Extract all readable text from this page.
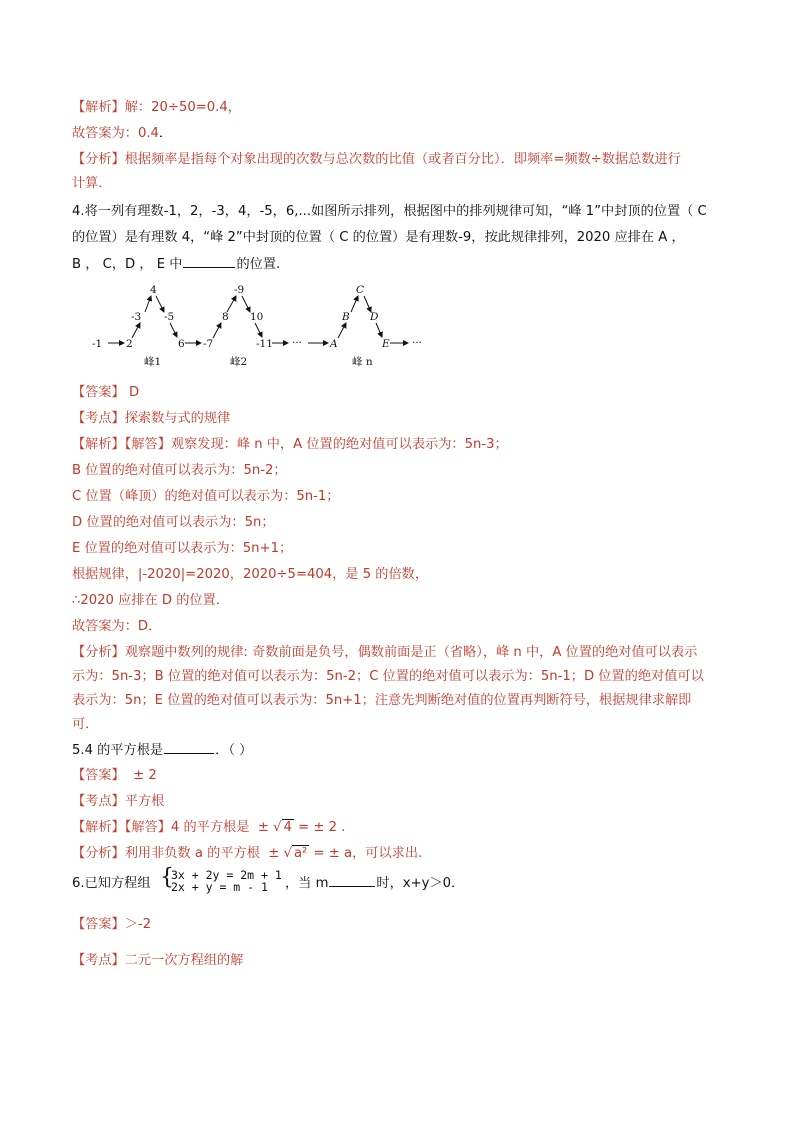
【解析】解：20÷50=0.4，
故答案为：0.4．
【分析】根据频率是指每个对象出现的次数与总次数的比值（或者百分比）．即频率=频数÷数据总数进行
计算．
4.将一列有理数-1，2，-3，4，-5，6,...如图所示排列，根据图中的排列规律可知，“峰 1”中封顶的位置（ C
的位置）是有理数 4，“峰 2”中封顶的位置（ C 的位置）是有理数-9，按此规律排列，2020 应排在 A ，
B ， C，D ， E 中	的位置.
-1 2
-3
4
-5
6 -7
8
-9
10
-11 ···	A
B
C
D
E ···
峰1	峰2	峰 n
【答案】 D
【考点】探索数与式的规律
【解析】【解答】观察发现：峰 n 中，A 位置的绝对值可以表示为：5n-3；
B 位置的绝对值可以表示为：5n-2；
C 位置（峰顶）的绝对值可以表示为：5n-1；
D 位置的绝对值可以表示为：5n；
E 位置的绝对值可以表示为：5n+1；
根据规律，|-2020|=2020，2020÷5=404，是 5 的倍数，
∴2020 应排在 D 的位置．
故答案为：D．
【分析】观察题中数列的规律: 奇数前面是负号，偶数前面是正（省略），峰 n 中，A 位置的绝对值可以表示
示为：5n-3；B 位置的绝对值可以表示为：5n-2；C 位置的绝对值可以表示为：5n-1；D 位置的绝对值可以
表示为：5n；E 位置的绝对值可以表示为：5n+1；注意先判断绝对值的位置再判断符号，根据规律求解即
可．
5.4 的平方根是	．（ ）
【答案】 ± 2
【考点】平方根
【解析】【解答】4 的平方根是 ± √ 4 = ± 2 .
【分析】利用非负数 a 的平方根 ± √ a² = ± a，可以求出.
6.已知方程组 {
3x + 2y = 2m + 1
2x + y = m - 1	，当 m	时，x+y＞0．
【答案】＞-2
【考点】二元一次方程组的解
